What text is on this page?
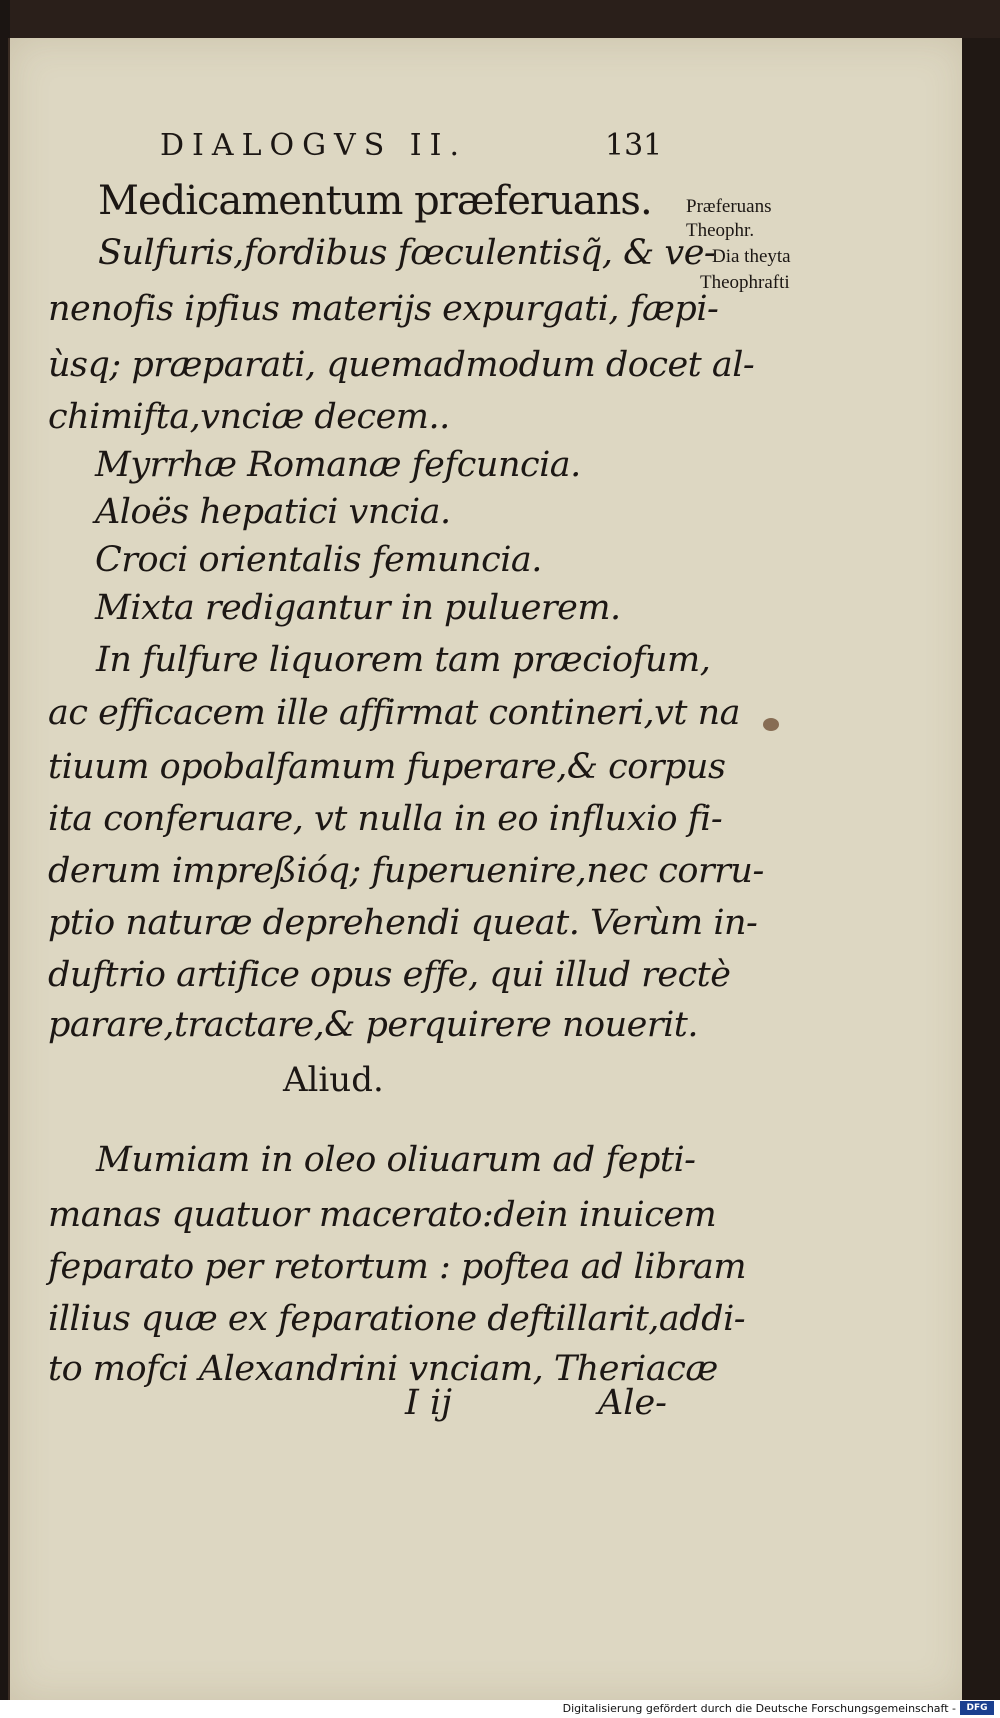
DIALOGVS II.	131
Medicamentum præferuans. Præferuans
Theophr.
Dia theyta
Theophrafti
Sulfuris,fordibus fœculentisq̃, & ve-
nenofis ipfius materijs expurgati, fæpi-
ùsq; præparati, quemadmodum docet al-
chimifta,vnciæ decem..
Myrrhæ Romanæ fefcuncia.
Aloës hepatici vncia.
Croci orientalis femuncia.
Mixta redigantur in puluerem.
In fulfure liquorem tam præciofum,
ac efficacem ille affirmat contineri,vt na
tiuum opobalfamum fuperare,& corpus
ita conferuare, vt nulla in eo influxio fi-
derum impreßióq; fuperuenire,nec corru-
ptio naturæ deprehendi queat. Verùm in-
duftrio artifice opus effe, qui illud rectè
parare,tractare,& perquirere nouerit.
Aliud.
Mumiam in oleo oliuarum ad fepti-
manas quatuor macerato:dein inuicem
feparato per retortum : poftea ad libram
illius quæ ex feparatione deftillarit,addi-
to mofci Alexandrini vnciam, Theriacæ
I ij	Ale-
Digitalisierung gefördert durch die Deutsche Forschungsgemeinschaft -	DFG
